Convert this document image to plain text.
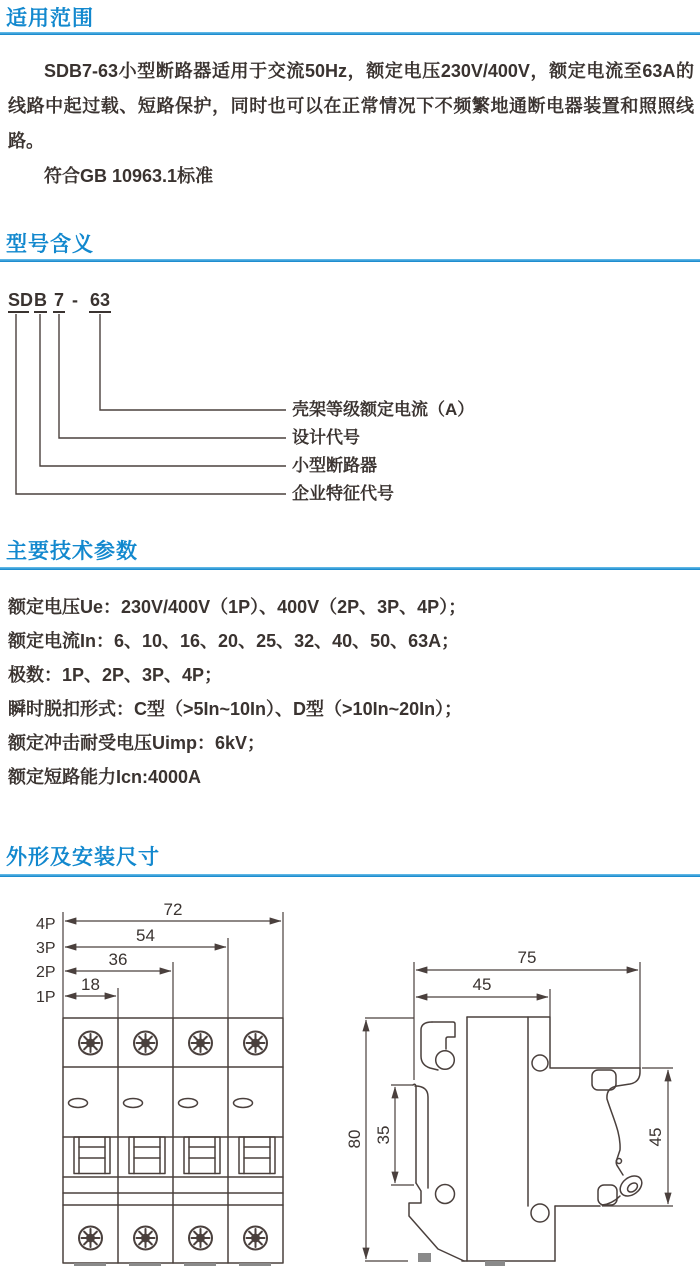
适用范围

SDB7-63小型断路器适用于交流50Hz，额定电压230V/400V，额定电流至63A的线路中起过载、短路保护，同时也可以在正常情况下不频繁地通断电器装置和照照线路。

符合GB 10963.1标准

型号含义
SD B 7 - 63
壳架等级额定电流（A）
设计代号
小型断路器
企业特征代号
主要技术参数
额定电压Ue：230V/400V（1P）、400V（2P、3P、4P）；
额定电流In：6、10、16、20、25、32、40、50、63A；
极数：1P、2P、3P、4P；
瞬时脱扣形式：C型（>5In~10In）、D型（>10In~20In）；
额定冲击耐受电压Uimp：6kV；
额定短路能力Icn:4000A
外形及安装尺寸
72
54
36
18
4P
3P
2P
1P
75
45
80 35	45
